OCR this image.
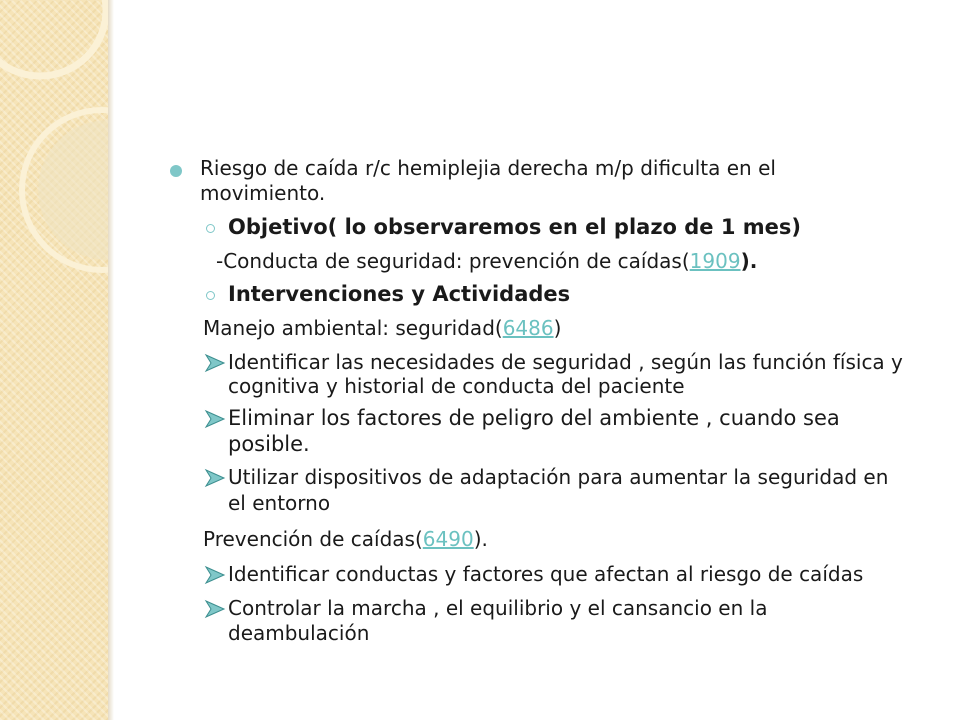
Riesgo de caída r/c hemiplejia derecha m/p dificulta en el
movimiento.
Objetivo( lo observaremos en el plazo de 1 mes)
-Conducta de seguridad: prevención de caídas(1909).
Intervenciones y Actividades
Manejo ambiental: seguridad(6486)
Identificar las necesidades de seguridad , según las función física y
cognitiva y historial de conducta del paciente
Eliminar los factores de peligro del ambiente , cuando sea
posible.
Utilizar dispositivos de adaptación para aumentar la seguridad en
el entorno
Prevención de caídas(6490).
Identificar conductas y factores que afectan al riesgo de caídas
Controlar la marcha , el equilibrio y el cansancio en la
deambulación
